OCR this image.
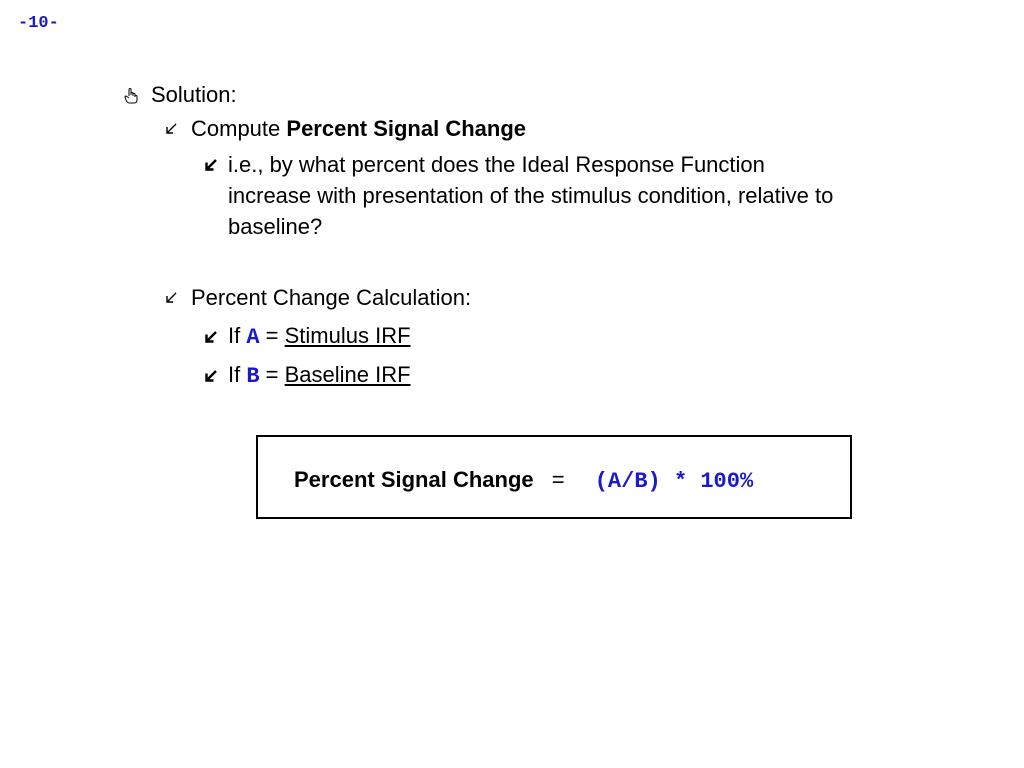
-10-
Solution:
Compute Percent Signal Change
i.e., by what percent does the Ideal Response Function
increase with presentation of the stimulus condition, relative to
baseline?
Percent Change Calculation:
If A = Stimulus IRF
If B = Baseline IRF
Percent Signal Change = (A/B) * 100%
